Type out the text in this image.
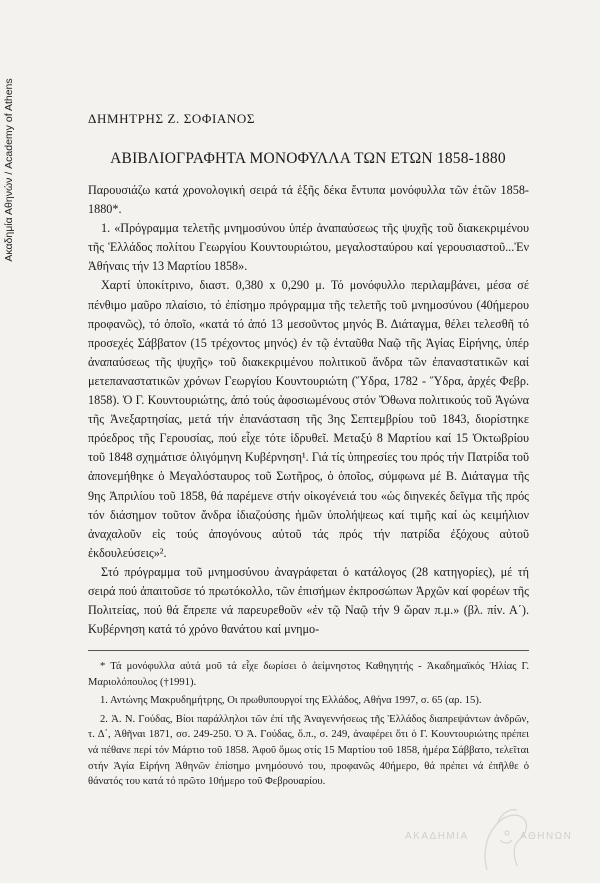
Ακαδημία Αθηνών / Academy of Athens	ΔΗΜΗΤΡΗΣ Ζ. ΣΟΦΙΑΝΟΣ
ΑΒΙΒΛΙΟΓΡΑΦΗΤΑ ΜΟΝΟΦΥΛΛΑ ΤΩΝ ΕΤΩΝ 1858-1880

Παρουσιάζω κατά χρονολογική σειρά τά ἑξῆς δέκα ἔντυπα μονόφυλλα τῶν ἐτῶν 1858-1880*.

1. «Πρόγραμμα τελετῆς μνημοσύνου ὑπέρ ἀναπαύσεως τῆς ψυχῆς τοῦ διακεκριμένου τῆς Ἑλλάδος πολίτου Γεωργίου Κουντουριώτου, μεγαλοσταύρου καί γερουσιαστοῦ...Ἐν Ἀθήναις τήν 13 Μαρτίου 1858».

Χαρτί ὑποκίτρινο, διαστ. 0,380 x 0,290 μ. Τό μονόφυλλο περιλαμβάνει, μέσα σέ πένθιμο μαῦρο πλαίσιο, τό ἐπίσημο πρόγραμμα τῆς τελετῆς τοῦ μνημοσύνου (40ήμερου προφανῶς), τό ὁποῖο, «κατά τό ἀπό 13 μεσοῦντος μηνός Β. Διάταγμα, θέλει τελεσθῆ τό προσεχές Σάββατον (15 τρέχοντος μηνός) ἐν τῷ ἐνταῦθα Ναῷ τῆς Ἁγίας Εἰρήνης, ὑπέρ ἀναπαύσεως τῆς ψυχῆς» τοῦ διακεκριμένου πολιτικοῦ ἄνδρα τῶν ἐπαναστατικῶν καί μετεπαναστατικῶν χρόνων Γεωργίου Κουντουριώτη (Ὕδρα, 1782 - Ὕδρα, ἀρχές Φεβρ. 1858). Ὁ Γ. Κουντουριώτης, ἀπό τούς ἀφοσιωμένους στόν Ὄθωνα πολιτικούς τοῦ Ἀγώνα τῆς Ἀνεξαρτησίας, μετά τήν ἐπανάσταση τῆς 3ης Σεπτεμβρίου τοῦ 1843, διορίστηκε πρόεδρος τῆς Γερουσίας, πού εἶχε τότε ἱδρυθεῖ. Μεταξύ 8 Μαρτίου καί 15 Ὀκτωβρίου τοῦ 1848 σχημάτισε ὀλιγόμηνη Κυβέρνηση¹. Γιά τίς ὑπηρεσίες του πρός τήν Πατρίδα τοῦ ἀπονεμήθηκε ὁ Μεγαλόσταυρος τοῦ Σωτῆρος, ὁ ὁποῖος, σύμφωνα μέ Β. Διάταγμα τῆς 9ης Ἀπριλίου τοῦ 1858, θά παρέμενε στήν οἰκογένειά του «ὡς διηνεκές δεῖγμα τῆς πρός τόν διάσημον τοῦτον ἄνδρα ἰδιαζούσης ἡμῶν ὑπολήψεως καί τιμῆς καί ὡς κειμήλιον ἀναχαλοῦν εἰς τούς ἀπογόνους αὐτοῦ τάς πρός τήν πατρίδα ἐξόχους αὐτοῦ ἐκδουλεύσεις»².

Στό πρόγραμμα τοῦ μνημοσύνου ἀναγράφεται ὁ κατάλογος (28 κατηγορίες), μέ τή σειρά πού ἀπαιτοῦσε τό πρωτόκολλο, τῶν ἐπισήμων ἐκπροσώπων Ἀρχῶν καί φορέων τῆς Πολιτείας, πού θά ἔπρεπε νά παρευρεθοῦν «ἐν τῷ Ναῷ τήν 9 ὥραν π.μ.» (βλ. πίν. Α΄). Κυβέρνηση κατά τό χρόνο θανάτου καί μνημο-

* Τά μονόφυλλα αὐτά μοῦ τά εἶχε δωρίσει ὁ ἀείμνηστος Καθηγητής - Ἀκαδημαϊκός Ἠλίας Γ. Μαριολόπουλος (†1991).

1. Αντώνης Μακρυδημήτρης, Οι πρωθυπουργοί της Ελλάδος, Αθήνα 1997, σ. 65 (αρ. 15).

2. Ἀ. Ν. Γούδας, Βίοι παράλληλοι τῶν ἐπί τῆς Ἀναγεννήσεως τῆς Ἑλλάδος διαπρεψάντων ἀνδρῶν, τ. Δ΄, Ἀθῆναι 1871, σσ. 249-250. Ὁ Ἀ. Γούδας, ὅ.π., σ. 249, ἀναφέρει ὅτι ὁ Γ. Κουντουριώτης πρέπει νά πέθανε περί τόν Μάρτιο τοῦ 1858. Ἀφοῦ ὅμως στίς 15 Μαρτίου τοῦ 1858, ἡμέρα Σάββατο, τελεῖται στήν Ἁγία Εἰρήνη Ἀθηνῶν ἐπίσημο μνημόσυνό του, προφανῶς 40ήμερο, θά πρέπει νά ἐπῆλθε ὁ θάνατός του κατά τό πρῶτο 10ήμερο τοῦ Φεβρουαρίου.

ΑΚΑΔΗΜΙΑ	ΑΘΗΝΩΝ
